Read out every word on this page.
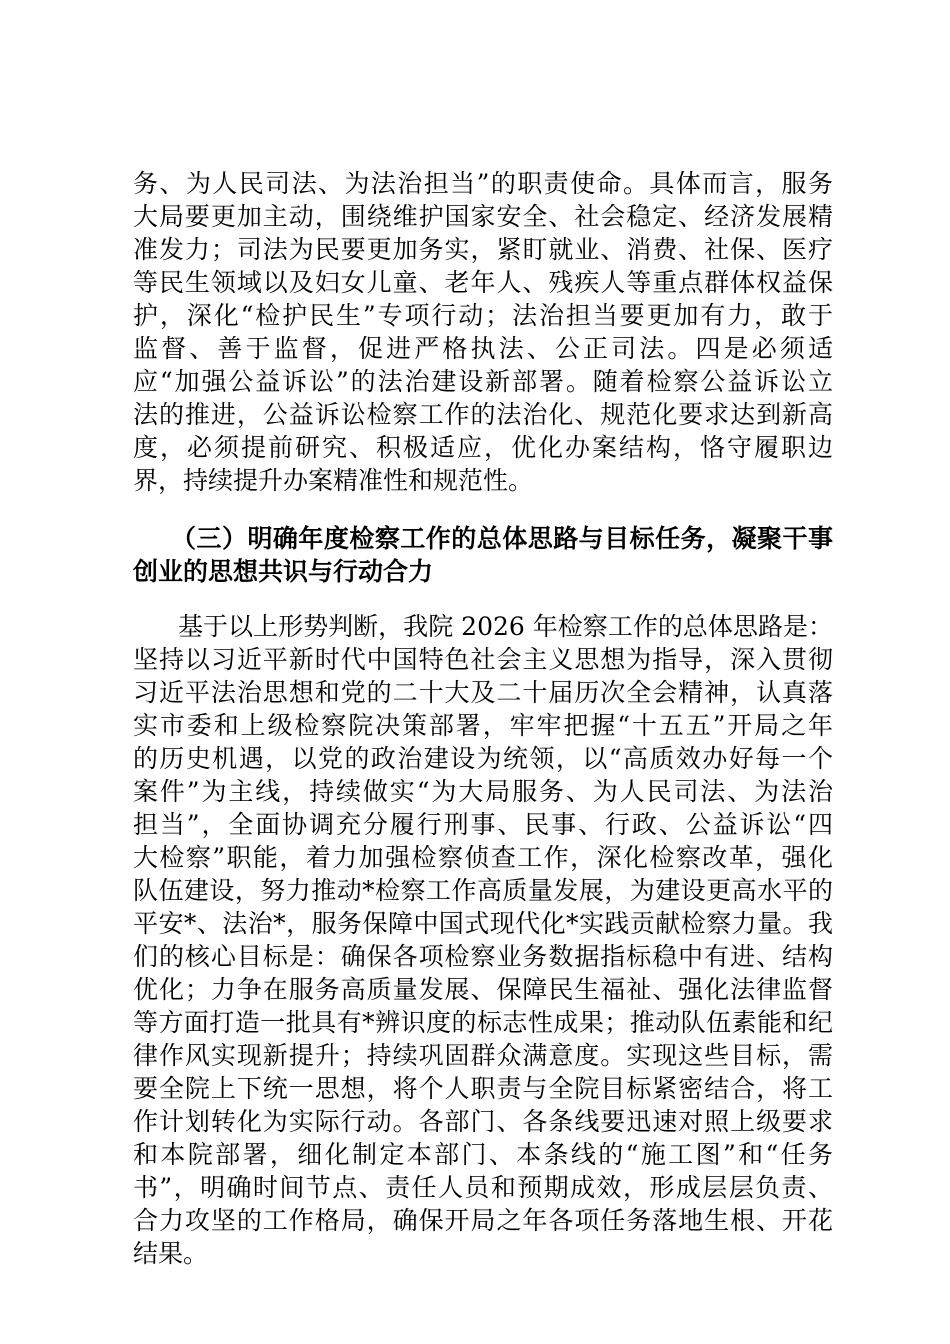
务、为人民司法、为法治担当”的职责使命。具体而言，服务
大局要更加主动，围绕维护国家安全、社会稳定、经济发展精
准发力；司法为民要更加务实，紧盯就业、消费、社保、医疗
等民生领域以及妇女儿童、老年人、残疾人等重点群体权益保
护，深化“检护民生”专项行动；法治担当要更加有力，敢于
监督、善于监督，促进严格执法、公正司法。四是必须适
应“加强公益诉讼”的法治建设新部署。随着检察公益诉讼立
法的推进，公益诉讼检察工作的法治化、规范化要求达到新高
度，必须提前研究、积极适应，优化办案结构，恪守履职边
界，持续提升办案精准性和规范性。
（三）明确年度检察工作的总体思路与目标任务，凝聚干事
创业的思想共识与行动合力
基于以上形势判断，我院 2026 年检察工作的总体思路是：
坚持以习近平新时代中国特色社会主义思想为指导，深入贯彻
习近平法治思想和党的二十大及二十届历次全会精神，认真落
实市委和上级检察院决策部署，牢牢把握“十五五”开局之年
的历史机遇，以党的政治建设为统领，以“高质效办好每一个
案件”为主线，持续做实“为大局服务、为人民司法、为法治
担当”，全面协调充分履行刑事、民事、行政、公益诉讼“四
大检察”职能，着力加强检察侦查工作，深化检察改革，强化
队伍建设，努力推动*检察工作高质量发展，为建设更高水平的
平安*、法治*，服务保障中国式现代化*实践贡献检察力量。我
们的核心目标是：确保各项检察业务数据指标稳中有进、结构
优化；力争在服务高质量发展、保障民生福祉、强化法律监督
等方面打造一批具有*辨识度的标志性成果；推动队伍素能和纪
律作风实现新提升；持续巩固群众满意度。实现这些目标，需
要全院上下统一思想，将个人职责与全院目标紧密结合，将工
作计划转化为实际行动。各部门、各条线要迅速对照上级要求
和本院部署，细化制定本部门、本条线的“施工图”和“任务
书”，明确时间节点、责任人员和预期成效，形成层层负责、
合力攻坚的工作格局，确保开局之年各项任务落地生根、开花
结果。
